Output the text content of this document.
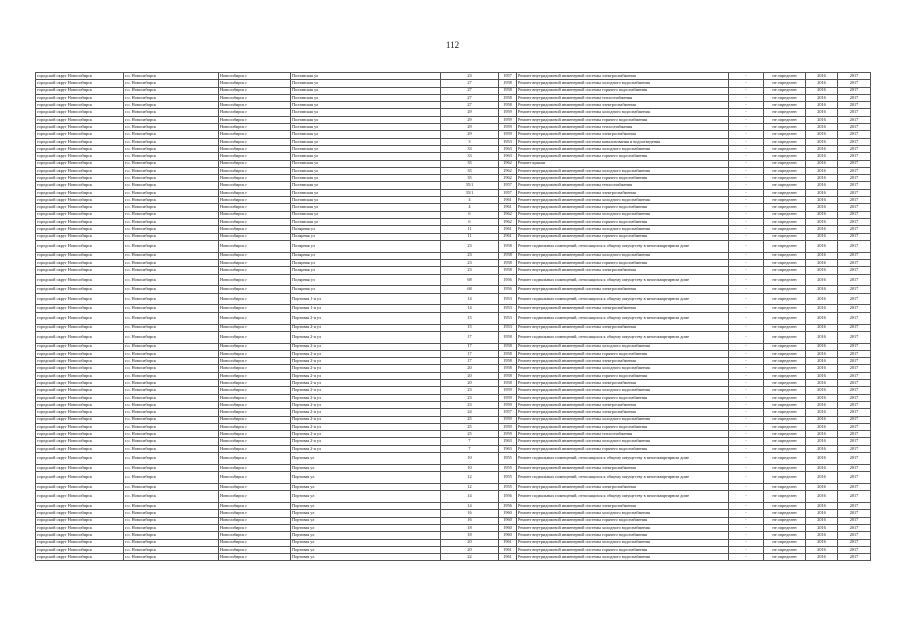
112
городской округ Новосибирск	г.о. Новосибирск	Новосибирск г	Полтавская ул	23	1957	Ремонт внутридомовой инженерной системы электроснабжения	-	не определен	2016	2017
городской округ Новосибирск	г.о. Новосибирск	Новосибирск г	Полтавская ул	27	1958	Ремонт внутридомовой инженерной системы холодного водоснабжения	-	не определен	2016	2017
городской округ Новосибирск	г.о. Новосибирск	Новосибирск г	Полтавская ул	27	1958	Ремонт внутридомовой инженерной системы горячего водоснабжения	-	не определен	2016	2017
городской округ Новосибирск	г.о. Новосибирск	Новосибирск г	Полтавская ул	27	1958	Ремонт внутридомовой инженерной системы теплоснабжения	-	не определен	2016	2017
городской округ Новосибирск	г.о. Новосибирск	Новосибирск г	Полтавская ул	27	1958	Ремонт внутридомовой инженерной системы электроснабжения	-	не определен	2016	2017
городской округ Новосибирск	г.о. Новосибирск	Новосибирск г	Полтавская ул	29	1959	Ремонт внутридомовой инженерной системы холодного водоснабжения	-	не определен	2016	2017
городской округ Новосибирск	г.о. Новосибирск	Новосибирск г	Полтавская ул	29	1959	Ремонт внутридомовой инженерной системы горячего водоснабжения	-	не определен	2016	2017
городской округ Новосибирск	г.о. Новосибирск	Новосибирск г	Полтавская ул	29	1959	Ремонт внутридомовой инженерной системы теплоснабжения	-	не определен	2016	2017
городской округ Новосибирск	г.о. Новосибирск	Новосибирск г	Полтавская ул	29	1959	Ремонт внутридомовой инженерной системы электроснабжения	-	не определен	2016	2017
городской округ Новосибирск	г.о. Новосибирск	Новосибирск г	Полтавская ул	3	1953	Ремонт внутридомовой инженерной системы канализования и водоотведения	-	не определен	2016	2017
городской округ Новосибирск	г.о. Новосибирск	Новосибирск г	Полтавская ул	33	1963	Ремонт внутридомовой инженерной системы холодного водоснабжения	-	не определен	2016	2017
городской округ Новосибирск	г.о. Новосибирск	Новосибирск г	Полтавская ул	33	1963	Ремонт внутридомовой инженерной системы горячего водоснабжения	-	не определен	2016	2017
городской округ Новосибирск	г.о. Новосибирск	Новосибирск г	Полтавская ул	35	1962	Ремонт крыши	-	не определен	2016	2017
городской округ Новосибирск	г.о. Новосибирск	Новосибирск г	Полтавская ул	35	1962	Ремонт внутридомовой инженерной системы холодного водоснабжения	-	не определен	2016	2017
городской округ Новосибирск	г.о. Новосибирск	Новосибирск г	Полтавская ул	35	1962	Ремонт внутридомовой инженерной системы горячего водоснабжения	-	не определен	2016	2017
городской округ Новосибирск	г.о. Новосибирск	Новосибирск г	Полтавская ул	35/1	1957	Ремонт внутридомовой инженерной системы теплоснабжения	-	не определен	2016	2017
городской округ Новосибирск	г.о. Новосибирск	Новосибирск г	Полтавская ул	35/1	1957	Ремонт внутридомовой инженерной системы электроснабжения	-	не определен	2016	2017
городской округ Новосибирск	г.о. Новосибирск	Новосибирск г	Полтавская ул	4	1961	Ремонт внутридомовой инженерной системы холодного водоснабжения	-	не определен	2016	2017
городской округ Новосибирск	г.о. Новосибирск	Новосибирск г	Полтавская ул	4	1961	Ремонт внутридомовой инженерной системы горячего водоснабжения	-	не определен	2016	2017
городской округ Новосибирск	г.о. Новосибирск	Новосибирск г	Полтавская ул	6	1962	Ремонт внутридомовой инженерной системы холодного водоснабжения	-	не определен	2016	2017
городской округ Новосибирск	г.о. Новосибирск	Новосибирск г	Полтавская ул	6	1962	Ремонт внутридомовой инженерной системы горячего водоснабжения	-	не определен	2016	2017
городской округ Новосибирск	г.о. Новосибирск	Новосибирск г	Полярная ул	11	1961	Ремонт внутридомовой инженерной системы холодного водоснабжения	-	не определен	2016	2017
городской округ Новосибирск	г.о. Новосибирск	Новосибирск г	Полярная ул	11	1961	Ремонт внутридомовой инженерной системы горячего водоснабжения	-	не определен	2016	2017
городской округ Новосибирск	г.о. Новосибирск	Новосибирск г	Полярная ул	23	1958	Ремонт подвальных помещений, относящихся к общему имуществу в многоквартирном доме	-	не определен	2016	2017
городской округ Новосибирск	г.о. Новосибирск	Новосибирск г	Полярная ул	23	1958	Ремонт внутридомовой инженерной системы холодного водоснабжения	-	не определен	2016	2017
городской округ Новосибирск	г.о. Новосибирск	Новосибирск г	Полярная ул	23	1958	Ремонт внутридомовой инженерной системы горячего водоснабжения	-	не определен	2016	2017
городской округ Новосибирск	г.о. Новосибирск	Новосибирск г	Полярная ул	23	1958	Ремонт внутридомовой инженерной системы электроснабжения	-	не определен	2016	2017
городской округ Новосибирск	г.о. Новосибирск	Новосибирск г	Полярная ул	68	1956	Ремонт подвальных помещений, относящихся к общему имуществу в многоквартирном доме	-	не определен	2016	2017
городской округ Новосибирск	г.о. Новосибирск	Новосибирск г	Полярная ул	68	1956	Ремонт внутридомовой инженерной системы электроснабжения	-	не определен	2016	2017
городской округ Новосибирск	г.о. Новосибирск	Новосибирск г	Портовая 1-я ул	14	1953	Ремонт подвальных помещений, относящихся к общему имуществу в многоквартирном доме	-	не определен	2016	2017
городской округ Новосибирск	г.о. Новосибирск	Новосибирск г	Портовая 1-я ул	14	1953	Ремонт внутридомовой инженерной системы электроснабжения	-	не определен	2016	2017
городской округ Новосибирск	г.о. Новосибирск	Новосибирск г	Портовая 2-я ул	15	1953	Ремонт подвальных помещений, относящихся к общему имуществу в многоквартирном доме	-	не определен	2016	2017
городской округ Новосибирск	г.о. Новосибирск	Новосибирск г	Портовая 2-я ул	15	1953	Ремонт внутридомовой инженерной системы электроснабжения	-	не определен	2016	2017
городской округ Новосибирск	г.о. Новосибирск	Новосибирск г	Портовая 2-я ул	17	1958	Ремонт подвальных помещений, относящихся к общему имуществу в многоквартирном доме	-	не определен	2016	2017
городской округ Новосибирск	г.о. Новосибирск	Новосибирск г	Портовая 2-я ул	17	1958	Ремонт внутридомовой инженерной системы холодного водоснабжения	-	не определен	2016	2017
городской округ Новосибирск	г.о. Новосибирск	Новосибирск г	Портовая 2-я ул	17	1958	Ремонт внутридомовой инженерной системы горячего водоснабжения	-	не определен	2016	2017
городской округ Новосибирск	г.о. Новосибирск	Новосибирск г	Портовая 2-я ул	17	1958	Ремонт внутридомовой инженерной системы электроснабжения	-	не определен	2016	2017
городской округ Новосибирск	г.о. Новосибирск	Новосибирск г	Портовая 2-я ул	20	1958	Ремонт внутридомовой инженерной системы холодного водоснабжения	-	не определен	2016	2017
городской округ Новосибирск	г.о. Новосибирск	Новосибирск г	Портовая 2-я ул	20	1958	Ремонт внутридомовой инженерной системы горячего водоснабжения	-	не определен	2016	2017
городской округ Новосибирск	г.о. Новосибирск	Новосибирск г	Портовая 2-я ул	20	1958	Ремонт внутридомовой инженерной системы электроснабжения	-	не определен	2016	2017
городской округ Новосибирск	г.о. Новосибирск	Новосибирск г	Портовая 2-я ул	23	1959	Ремонт внутридомовой инженерной системы холодного водоснабжения	-	не определен	2016	2017
городской округ Новосибирск	г.о. Новосибирск	Новосибирск г	Портовая 2-я ул	23	1959	Ремонт внутридомовой инженерной системы горячего водоснабжения	-	не определен	2016	2017
городской округ Новосибирск	г.о. Новосибирск	Новосибирск г	Портовая 2-я ул	23	1959	Ремонт внутридомовой инженерной системы электроснабжения	-	не определен	2016	2017
городской округ Новосибирск	г.о. Новосибирск	Новосибирск г	Портовая 2-я ул	24	1957	Ремонт внутридомовой инженерной системы электроснабжения	-	не определен	2016	2017
городской округ Новосибирск	г.о. Новосибирск	Новосибирск г	Портовая 2-я ул	25	1959	Ремонт внутридомовой инженерной системы холодного водоснабжения	-	не определен	2016	2017
городской округ Новосибирск	г.о. Новосибирск	Новосибирск г	Портовая 2-я ул	25	1959	Ремонт внутридомовой инженерной системы горячего водоснабжения	-	не определен	2016	2017
городской округ Новосибирск	г.о. Новосибирск	Новосибирск г	Портовая 2-я ул	25	1959	Ремонт внутридомовой инженерной системы теплоснабжения	-	не определен	2016	2017
городской округ Новосибирск	г.о. Новосибирск	Новосибирск г	Портовая 2-я ул	7	1963	Ремонт внутридомовой инженерной системы холодного водоснабжения	-	не определен	2016	2017
городской округ Новосибирск	г.о. Новосибирск	Новосибирск г	Портовая 2-я ул	7	1963	Ремонт внутридомовой инженерной системы горячего водоснабжения	-	не определен	2016	2017
городской округ Новосибирск	г.о. Новосибирск	Новосибирск г	Портовая ул	10	1955	Ремонт подвальных помещений, относящихся к общему имуществу в многоквартирном доме	-	не определен	2016	2017
городской округ Новосибирск	г.о. Новосибирск	Новосибирск г	Портовая ул	10	1955	Ремонт внутридомовой инженерной системы электроснабжения	-	не определен	2016	2017
городской округ Новосибирск	г.о. Новосибирск	Новосибирск г	Портовая ул	12	1955	Ремонт подвальных помещений, относящихся к общему имуществу в многоквартирном доме	-	не определен	2016	2017
городской округ Новосибирск	г.о. Новосибирск	Новосибирск г	Портовая ул	12	1955	Ремонт внутридомовой инженерной системы электроснабжения	-	не определен	2016	2017
городской округ Новосибирск	г.о. Новосибирск	Новосибирск г	Портовая ул	14	1956	Ремонт подвальных помещений, относящихся к общему имуществу в многоквартирном доме	-	не определен	2016	2017
городской округ Новосибирск	г.о. Новосибирск	Новосибирск г	Портовая ул	14	1956	Ремонт внутридомовой инженерной системы электроснабжения	-	не определен	2016	2017
городской округ Новосибирск	г.о. Новосибирск	Новосибирск г	Портовая ул	16	1960	Ремонт внутридомовой инженерной системы холодного водоснабжения	-	не определен	2016	2017
городской округ Новосибирск	г.о. Новосибирск	Новосибирск г	Портовая ул	16	1960	Ремонт внутридомовой инженерной системы горячего водоснабжения	-	не определен	2016	2017
городской округ Новосибирск	г.о. Новосибирск	Новосибирск г	Портовая ул	18	1960	Ремонт внутридомовой инженерной системы холодного водоснабжения	-	не определен	2016	2017
городской округ Новосибирск	г.о. Новосибирск	Новосибирск г	Портовая ул	18	1960	Ремонт внутридомовой инженерной системы горячего водоснабжения	-	не определен	2016	2017
городской округ Новосибирск	г.о. Новосибирск	Новосибирск г	Портовая ул	20	1961	Ремонт внутридомовой инженерной системы холодного водоснабжения	-	не определен	2016	2017
городской округ Новосибирск	г.о. Новосибирск	Новосибирск г	Портовая ул	20	1961	Ремонт внутридомовой инженерной системы горячего водоснабжения	-	не определен	2016	2017
городской округ Новосибирск	г.о. Новосибирск	Новосибирск г	Портовая ул	22	1961	Ремонт внутридомовой инженерной системы холодного водоснабжения	-	не определен	2016	2017
